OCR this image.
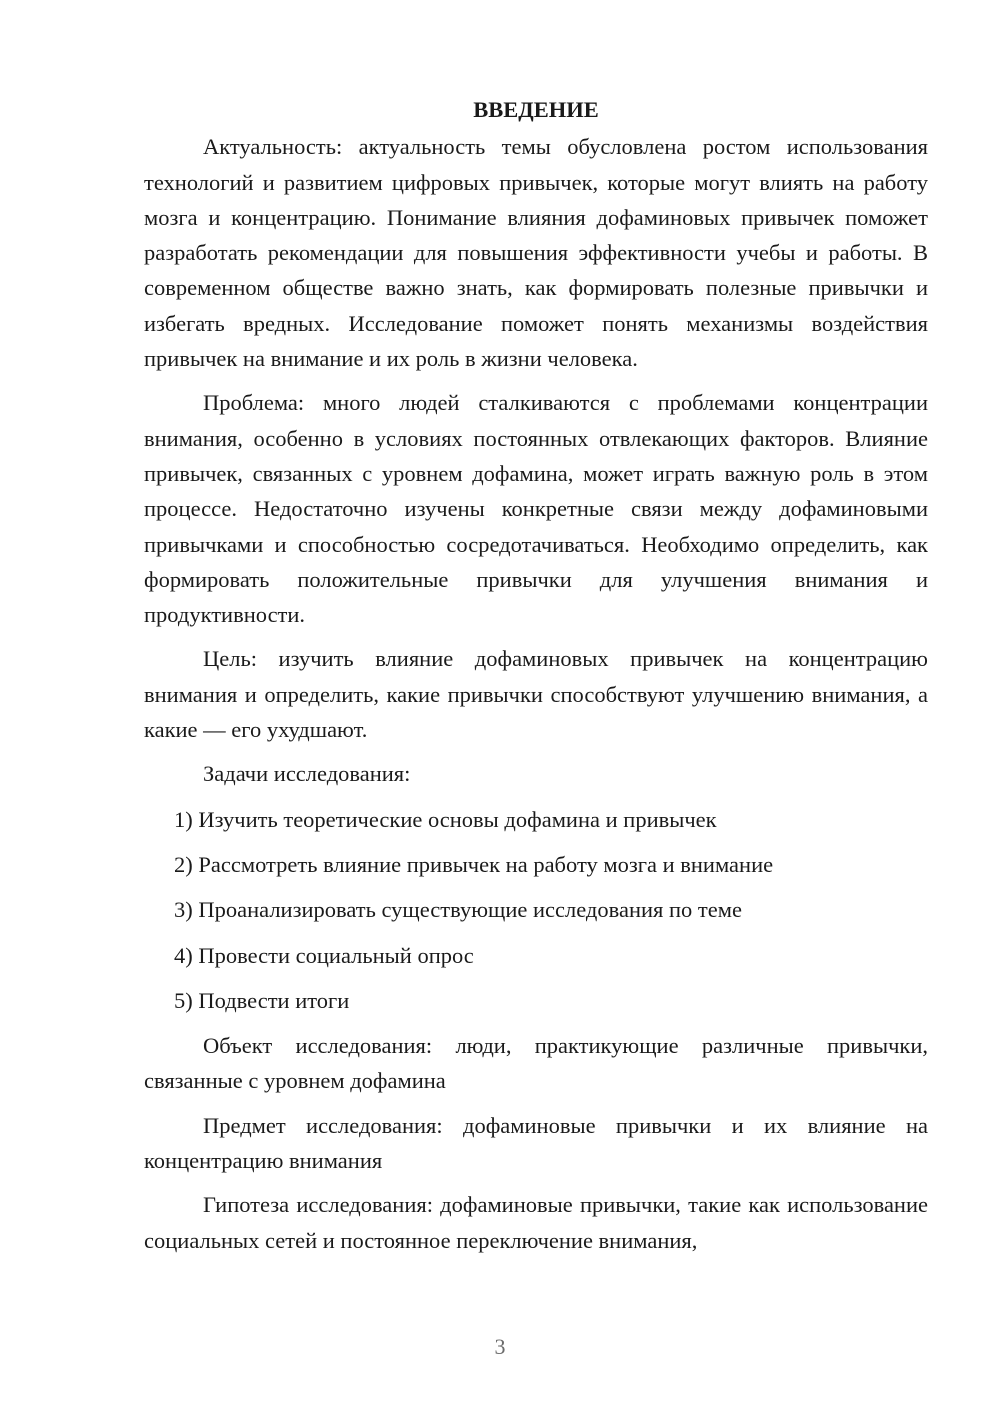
ВВЕДЕНИЕ

Актуальность: актуальность темы обусловлена ростом использования технологий и развитием цифровых привычек, которые могут влиять на работу мозга и концентрацию. Понимание влияния дофаминовых привычек поможет разработать рекомендации для повышения эффективности учебы и работы. В современном обществе важно знать, как формировать полезные привычки и избегать вредных. Исследование поможет понять механизмы воздействия привычек на внимание и их роль в жизни человека.

Проблема: много людей сталкиваются с проблемами концентрации внимания, особенно в условиях постоянных отвлекающих факторов. Влияние привычек, связанных с уровнем дофамина, может играть важную роль в этом процессе. Недостаточно изучены конкретные связи между дофаминовыми привычками и способностью сосредотачиваться. Необходимо определить, как формировать положительные привычки для улучшения внимания и продуктивности.

Цель: изучить влияние дофаминовых привычек на концентрацию внимания и определить, какие привычки способствуют улучшению внимания, а какие — его ухудшают.

Задачи исследования:

1) Изучить теоретические основы дофамина и привычек

2) Рассмотреть влияние привычек на работу мозга и внимание

3) Проанализировать существующие исследования по теме

4) Провести социальный опрос

5) Подвести итоги

Объект исследования: люди, практикующие различные привычки, связанные с уровнем дофамина

Предмет исследования: дофаминовые привычки и их влияние на концентрацию внимания

Гипотеза исследования: дофаминовые привычки, такие как использование социальных сетей и постоянное переключение внимания,

3
